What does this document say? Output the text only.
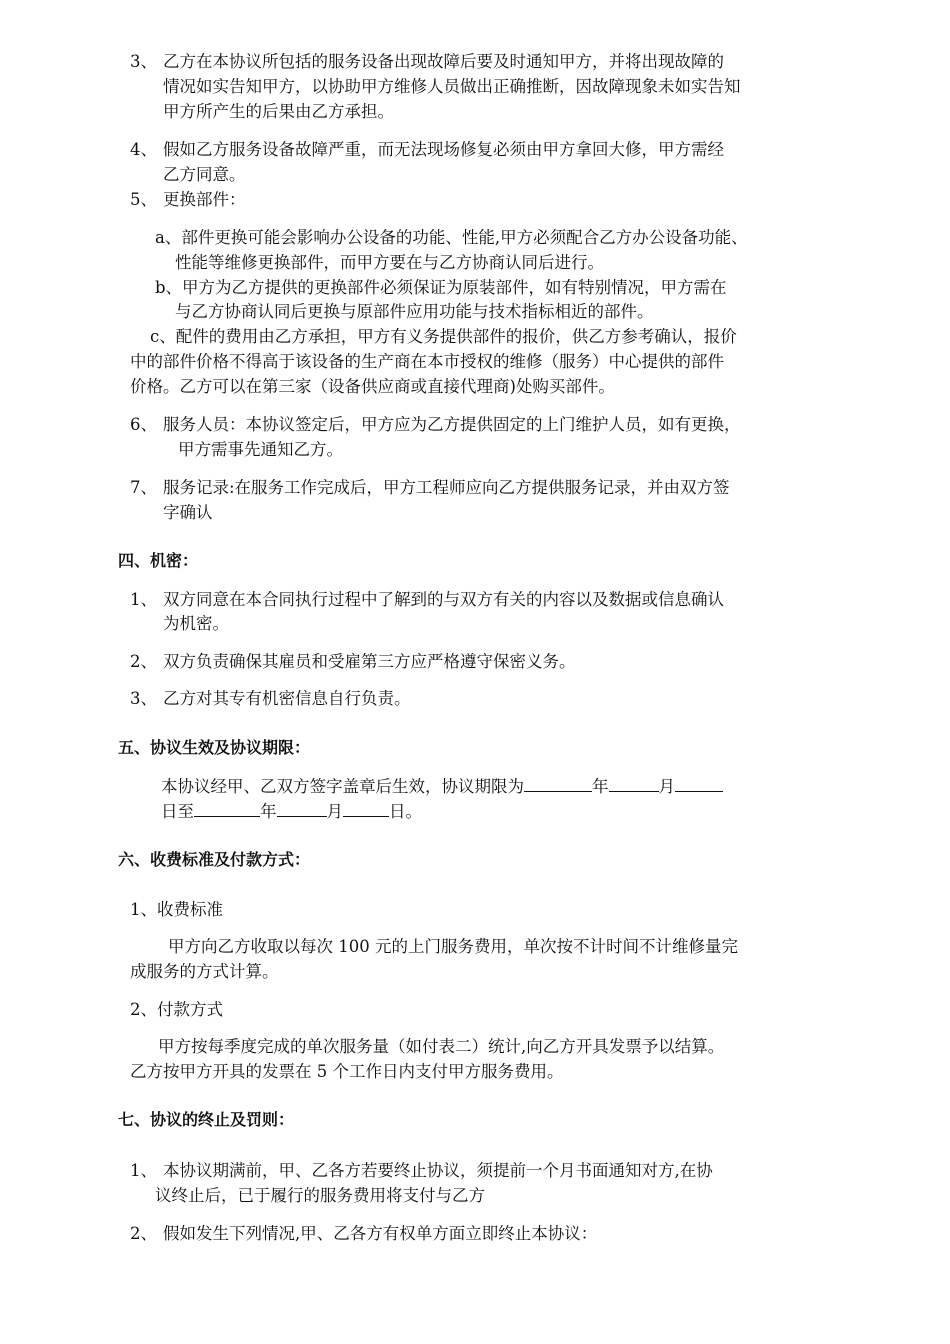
3、 乙方在本协议所包括的服务设备出现故障后要及时通知甲方，并将出现故障的
情况如实告知甲方，以协助甲方维修人员做出正确推断，因故障现象未如实告知
甲方所产生的后果由乙方承担。
4、 假如乙方服务设备故障严重，而无法现场修复必须由甲方拿回大修，甲方需经
乙方同意。
5、 更换部件：
a、部件更换可能会影响办公设备的功能、性能,甲方必须配合乙方办公设备功能、
性能等维修更换部件，而甲方要在与乙方协商认同后进行。
b、甲方为乙方提供的更换部件必须保证为原装部件，如有特别情况，甲方需在
与乙方协商认同后更换与原部件应用功能与技术指标相近的部件。
c、配件的费用由乙方承担，甲方有义务提供部件的报价，供乙方参考确认，报价
中的部件价格不得高于该设备的生产商在本市授权的维修（服务）中心提供的部件
价格。乙方可以在第三家（设备供应商或直接代理商)处购买部件。
6、 服务人员：本协议签定后，甲方应为乙方提供固定的上门维护人员，如有更换，
甲方需事先通知乙方。
7、 服务记录:在服务工作完成后，甲方工程师应向乙方提供服务记录，并由双方签
字确认
四、机密：
1、 双方同意在本合同执行过程中了解到的与双方有关的内容以及数据或信息确认
为机密。
2、 双方负责确保其雇员和受雇第三方应严格遵守保密义务。
3、 乙方对其专有机密信息自行负责。
五、协议生效及协议期限：
本协议经甲、乙双方签字盖章后生效，协议期限为	年	月
日至	年	月	日。
六、收费标准及付款方式：
1、收费标准
甲方向乙方收取以每次 100 元的上门服务费用，单次按不计时间不计维修量完
成服务的方式计算。
2、付款方式
甲方按每季度完成的单次服务量（如付表二）统计,向乙方开具发票予以结算。
乙方按甲方开具的发票在 5 个工作日内支付甲方服务费用。
七、协议的终止及罚则：
1、 本协议期满前，甲、乙各方若要终止协议，须提前一个月书面通知对方,在协
议终止后，已于履行的服务费用将支付与乙方
2、 假如发生下列情况,甲、乙各方有权单方面立即终止本协议：
